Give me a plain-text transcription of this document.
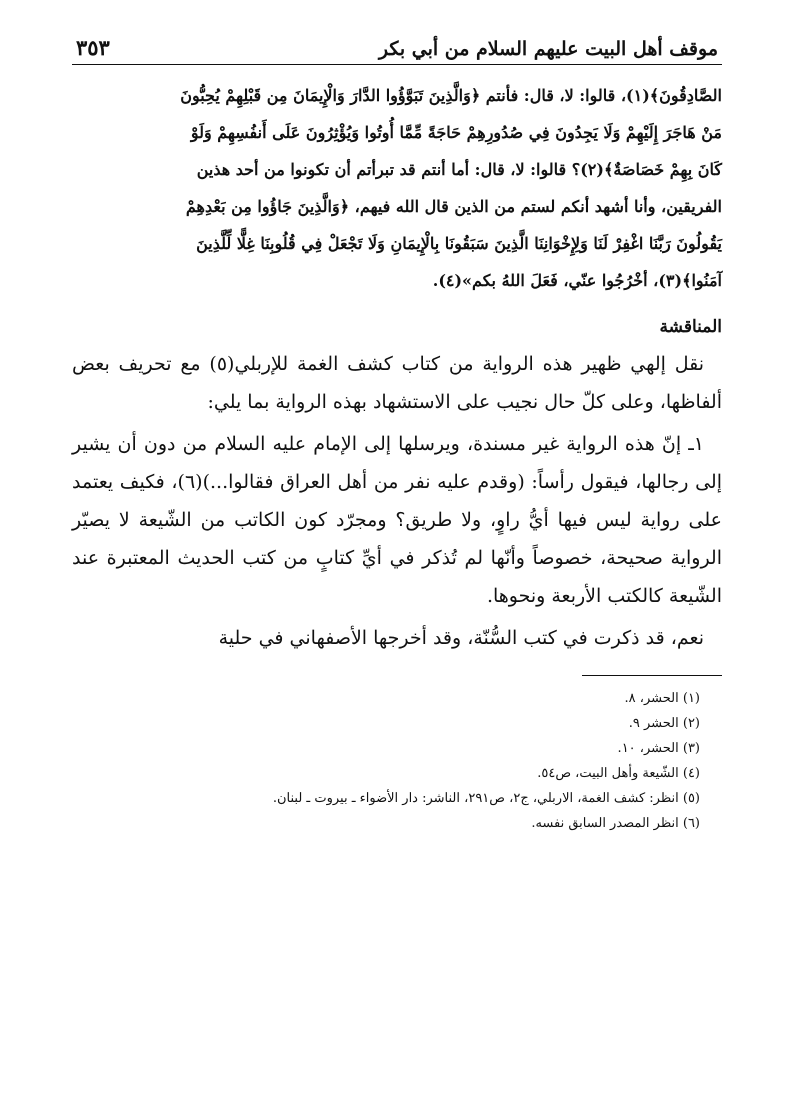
موقف أهل البيت عليهم السلام من أبي بكر
٣٥٣
الصَّادِقُونَ﴾(١)، قالوا: لا، قال: فأنتم ﴿وَالَّذِينَ تَبَوَّؤُوا الدَّارَ وَالْإِيمَانَ مِن قَبْلِهِمْ يُحِبُّونَ
مَنْ هَاجَرَ إِلَيْهِمْ وَلَا يَجِدُونَ فِي صُدُورِهِمْ حَاجَةً مِّمَّا أُوتُوا وَيُؤْثِرُونَ عَلَى أَنفُسِهِمْ وَلَوْ
كَانَ بِهِمْ خَصَاصَةٌ﴾(٢)؟ قالوا: لا، قال: أما أنتم قد تبرأتم أن تكونوا من أحد هذين
الفريقين، وأنا أشهد أنكم لستم من الذين قال الله فيهم، ﴿وَالَّذِينَ جَاؤُوا مِن بَعْدِهِمْ
يَقُولُونَ رَبَّنَا اغْفِرْ لَنَا وَلِإِخْوَانِنَا الَّذِينَ سَبَقُونَا بِالْإِيمَانِ وَلَا تَجْعَلْ فِي قُلُوبِنَا غِلًّا لِّلَّذِينَ
آمَنُوا﴾(٣)، أخْرُجُوا عنّي، فَعَلَ اللهُ بكم»(٤).
المناقشة

نقل إلهي ظهير هذه الرواية من كتاب كشف الغمة للإربلي(٥) مع تحريف بعض ألفاظها، وعلى كلّ حال نجيب على الاستشهاد بهذه الرواية بما يلي:

١ـ إنّ هذه الرواية غير مسندة، ويرسلها إلى الإمام عليه السلام من دون أن يشير إلى رجالها، فيقول رأساً: (وقدم عليه نفر من أهل العراق فقالوا...)(٦)، فكيف يعتمد على رواية ليس فيها أيُّ راوٍ، ولا طريق؟ ومجرّد كون الكاتب من الشّيعة لا يصيّر الرواية صحيحة، خصوصاً وأنّها لم تُذكر في أيِّ كتابٍ من كتب الحديث المعتبرة عند الشّيعة كالكتب الأربعة ونحوها.

نعم، قد ذكرت في كتب السُّنّة، وقد أخرجها الأصفهاني في حلية

(١) الحشر، ٨.
(٢) الحشر ٩.
(٣) الحشر، ١٠.
(٤) الشّيعة وأهل البيت، ص٥٤.
(٥) انظر: كشف الغمة، الاربلي، ج٢، ص٢٩١، الناشر: دار الأضواء ـ بيروت ـ لبنان.
(٦) انظر المصدر السابق نفسه.
